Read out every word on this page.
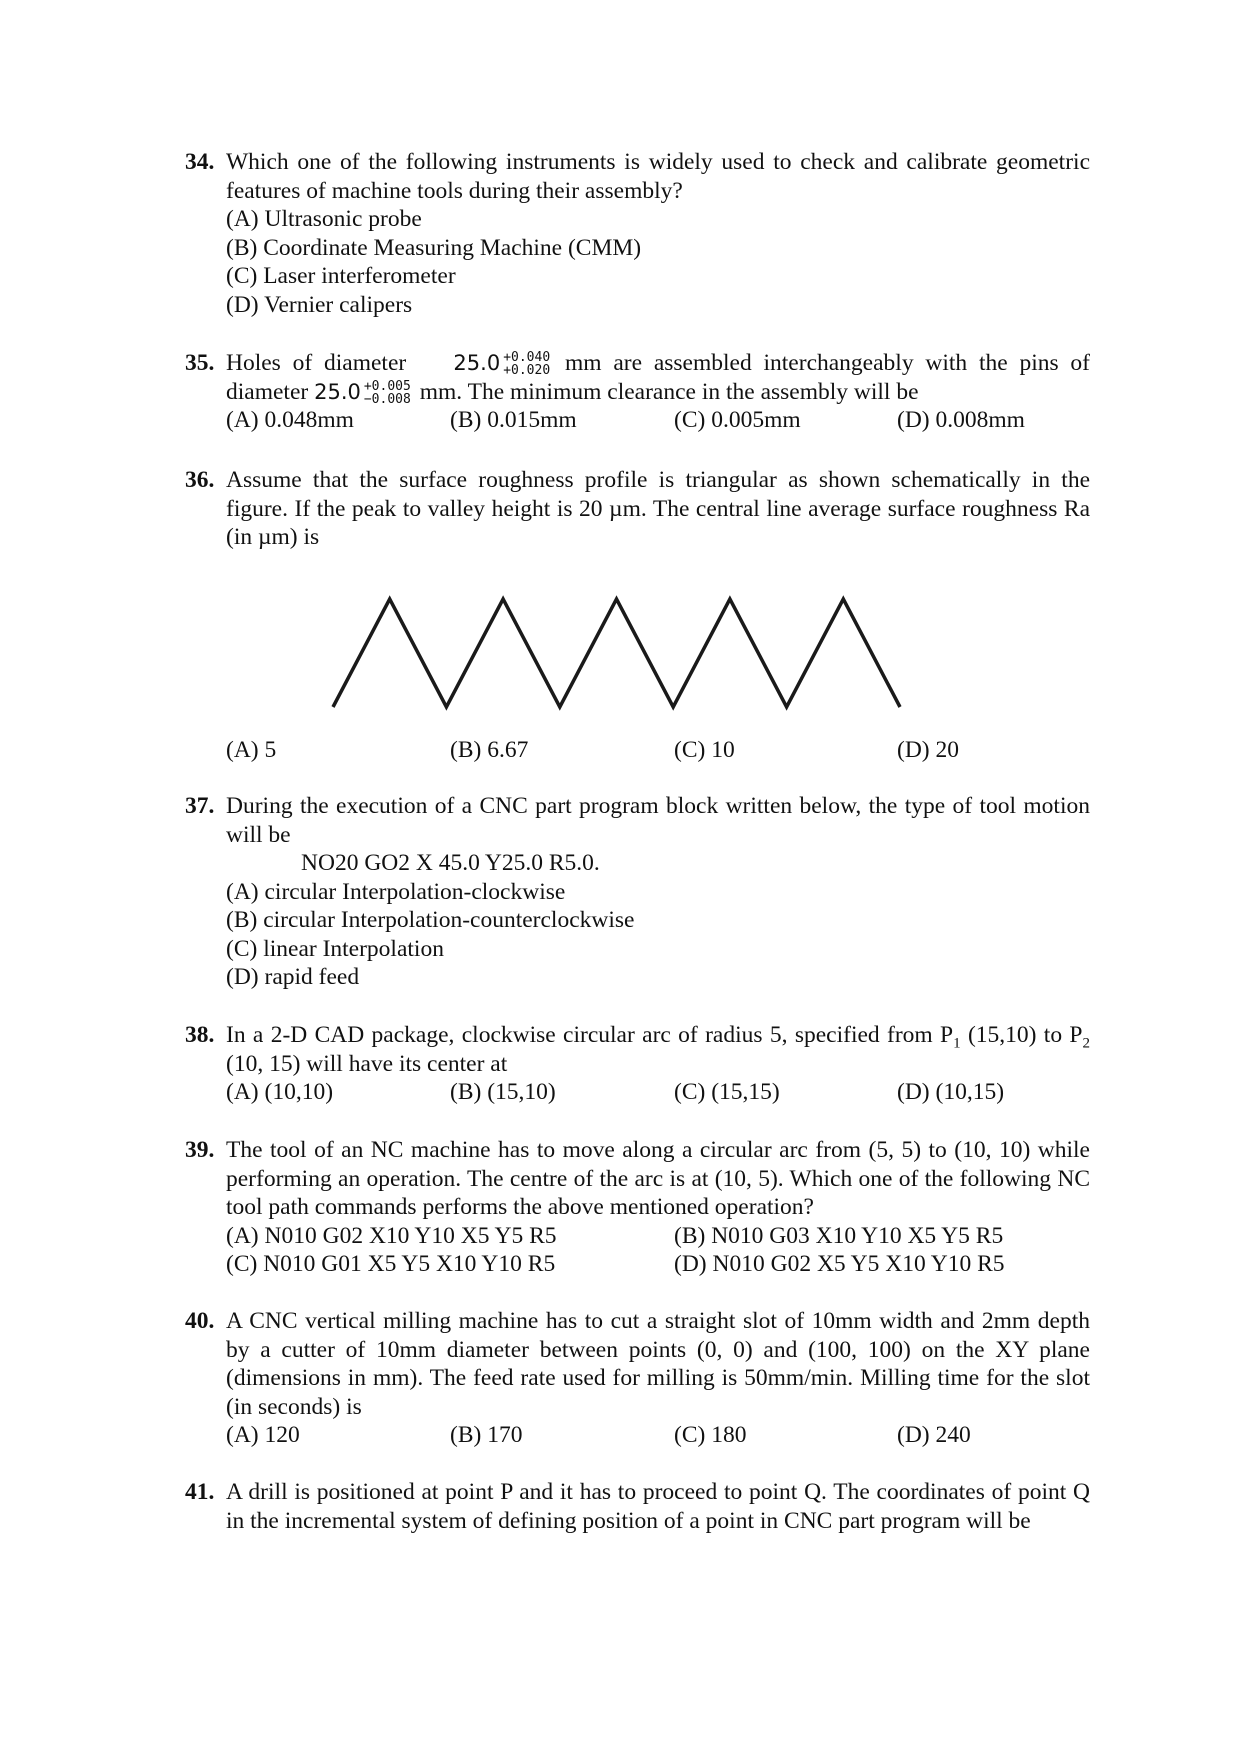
34. Which one of the following instruments is widely used to check and calibrate geometric features of machine tools during their assembly?
(A) Ultrasonic probe
(B) Coordinate Measuring Machine (CMM)
(C) Laser interferometer
(D) Vernier calipers
35. Holes of diameter 25.0 +0.040
+0.020 mm are assembled interchangeably with the pins of diameter 25.0 +0.005
−0.008 mm. The minimum clearance in the assembly will be
(A) 0.048mm	(B) 0.015mm	(C) 0.005mm	(D) 0.008mm
36. Assume that the surface roughness profile is triangular as shown schematically in the figure. If the peak to valley height is 20 µm. The central line average surface roughness Ra (in µm) is
(A) 5	(B) 6.67	(C) 10	(D) 20
37. During the execution of a CNC part program block written below, the type of tool motion will be
NO20 GO2 X 45.0 Y25.0 R5.0.
(A) circular Interpolation-clockwise
(B) circular Interpolation-counterclockwise
(C) linear Interpolation
(D) rapid feed
38. In a 2-D CAD package, clockwise circular arc of radius 5, specified from $P_1$ (15,10) to $P_2$ (10, 15) will have its center at
(A) (10,10)	(B) (15,10)	(C) (15,15)	(D) (10,15)
39. The tool of an NC machine has to move along a circular arc from (5, 5) to (10, 10) while performing an operation. The centre of the arc is at (10, 5). Which one of the following NC tool path commands performs the above mentioned operation?
(A) N010 G02 X10 Y10 X5 Y5 R5	(B) N010 G03 X10 Y10 X5 Y5 R5
(C) N010 G01 X5 Y5 X10 Y10 R5	(D) N010 G02 X5 Y5 X10 Y10 R5
40. A CNC vertical milling machine has to cut a straight slot of 10mm width and 2mm depth by a cutter of 10mm diameter between points (0, 0) and (100, 100) on the XY plane (dimensions in mm). The feed rate used for milling is 50mm/min. Milling time for the slot (in seconds) is
(A) 120	(B) 170	(C) 180	(D) 240
41. A drill is positioned at point P and it has to proceed to point Q. The coordinates of point Q in the incremental system of defining position of a point in CNC part program will be
